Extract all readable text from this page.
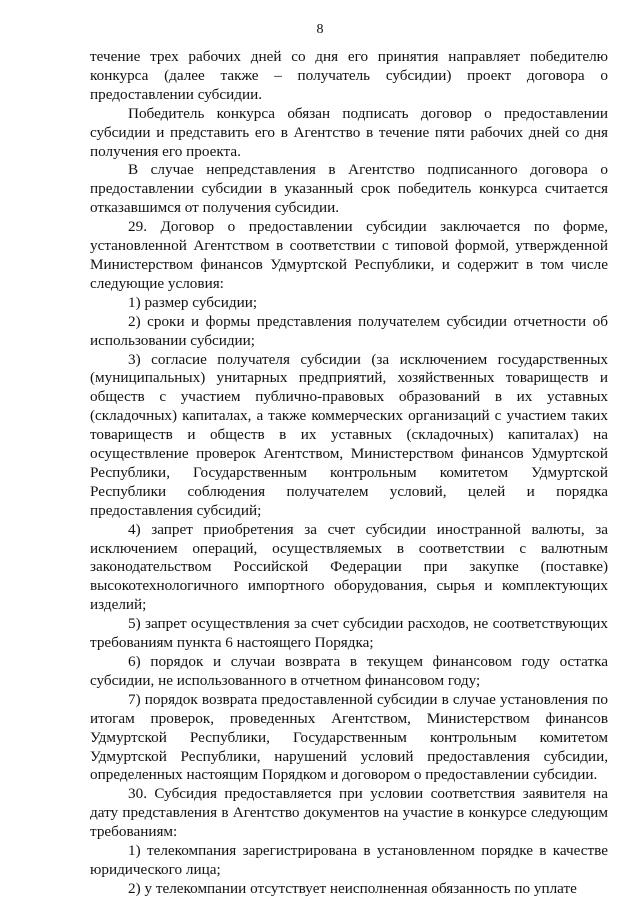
8

течение трех рабочих дней со дня его принятия направляет победителю конкурса (далее также – получатель субсидии) проект договора о предоставлении субсидии.

Победитель конкурса обязан подписать договор о предоставлении субсидии и представить его в Агентство в течение пяти рабочих дней со дня получения его проекта.

В случае непредставления в Агентство подписанного договора о предоставлении субсидии в указанный срок победитель конкурса считается отказавшимся от получения субсидии.

29. Договор о предоставлении субсидии заключается по форме, установленной Агентством в соответствии с типовой формой, утвержденной Министерством финансов Удмуртской Республики, и содержит в том числе следующие условия:

1) размер субсидии;

2) сроки и формы представления получателем субсидии отчетности об использовании субсидии;

3) согласие получателя субсидии (за исключением государственных (муниципальных) унитарных предприятий, хозяйственных товариществ и обществ с участием публично-правовых образований в их уставных (складочных) капиталах, а также коммерческих организаций с участием таких товариществ и обществ в их уставных (складочных) капиталах) на осуществление проверок Агентством, Министерством финансов Удмуртской Республики, Государственным контрольным комитетом Удмуртской Республики соблюдения получателем условий, целей и порядка предоставления субсидий;

4) запрет приобретения за счет субсидии иностранной валюты, за исключением операций, осуществляемых в соответствии с валютным законодательством Российской Федерации при закупке (поставке) высокотехнологичного импортного оборудования, сырья и комплектующих изделий;

5) запрет осуществления за счет субсидии расходов, не соответствующих требованиям пункта 6 настоящего Порядка;

6) порядок и случаи возврата в текущем финансовом году остатка субсидии, не использованного в отчетном финансовом году;

7) порядок возврата предоставленной субсидии в случае установления по итогам проверок, проведенных Агентством, Министерством финансов Удмуртской Республики, Государственным контрольным комитетом Удмуртской Республики, нарушений условий предоставления субсидии, определенных настоящим Порядком и договором о предоставлении субсидии.

30. Субсидия предоставляется при условии соответствия заявителя на дату представления в Агентство документов на участие в конкурсе следующим требованиям:

1) телекомпания зарегистрирована в установленном порядке в качестве юридического лица;

2) у телекомпании отсутствует неисполненная обязанность по уплате
